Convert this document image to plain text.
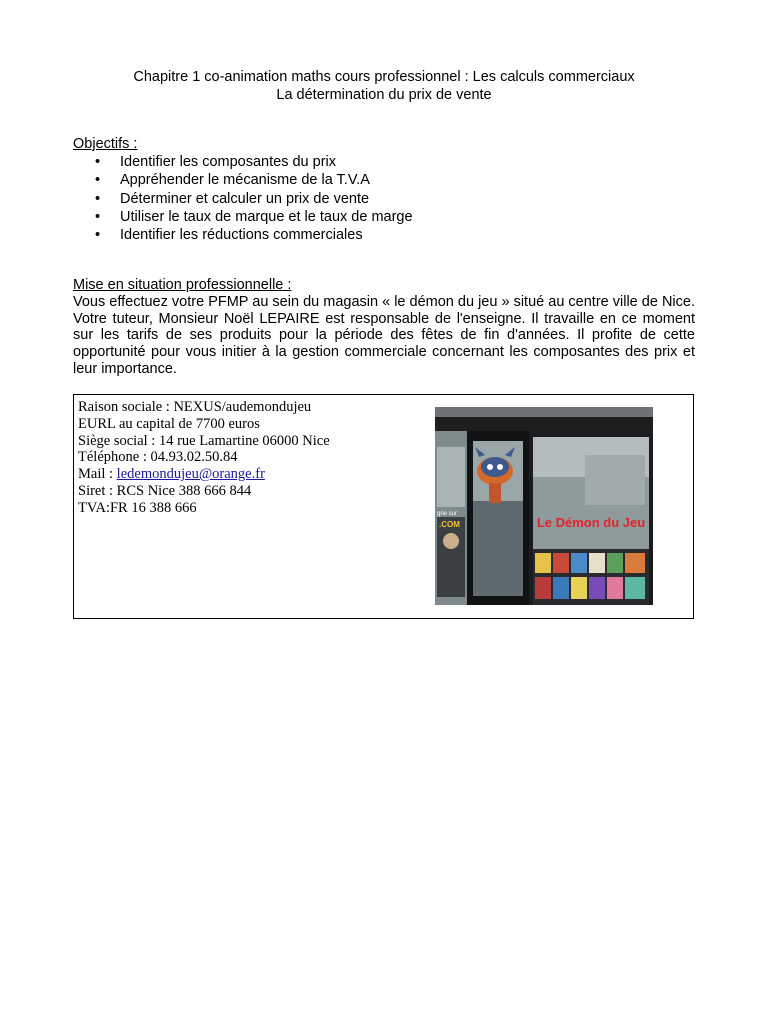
Chapitre 1 co-animation maths cours professionnel : Les calculs commerciaux
La détermination du prix de vente
Objectifs :
• Identifier les composantes du prix
• Appréhender le mécanisme de la T.V.A
• Déterminer et calculer un prix de vente
• Utiliser le taux de marque et le taux de marge
• Identifier les réductions commerciales
Mise en situation professionnelle :
Vous effectuez votre PFMP au sein du magasin « le démon du jeu » situé au centre ville de Nice. Votre tuteur, Monsieur Noël LEPAIRE est responsable de l'enseigne. Il travaille en ce moment sur les tarifs de ses produits pour la période des fêtes de fin d'années. Il profite de cette opportunité pour vous initier à la gestion commerciale concernant les composantes des prix et leur importance.
Raison sociale : NEXUS/audemondujeu
EURL au capital de 7700 euros
Siège social : 14 rue Lamartine 06000 Nice
Téléphone : 04.93.02.50.84
Mail : ledemondujeu@orange.fr
Siret : RCS Nice 388 666 844
TVA:FR 16 388 666
Le Démon du Jeu
gne sur
.COM
